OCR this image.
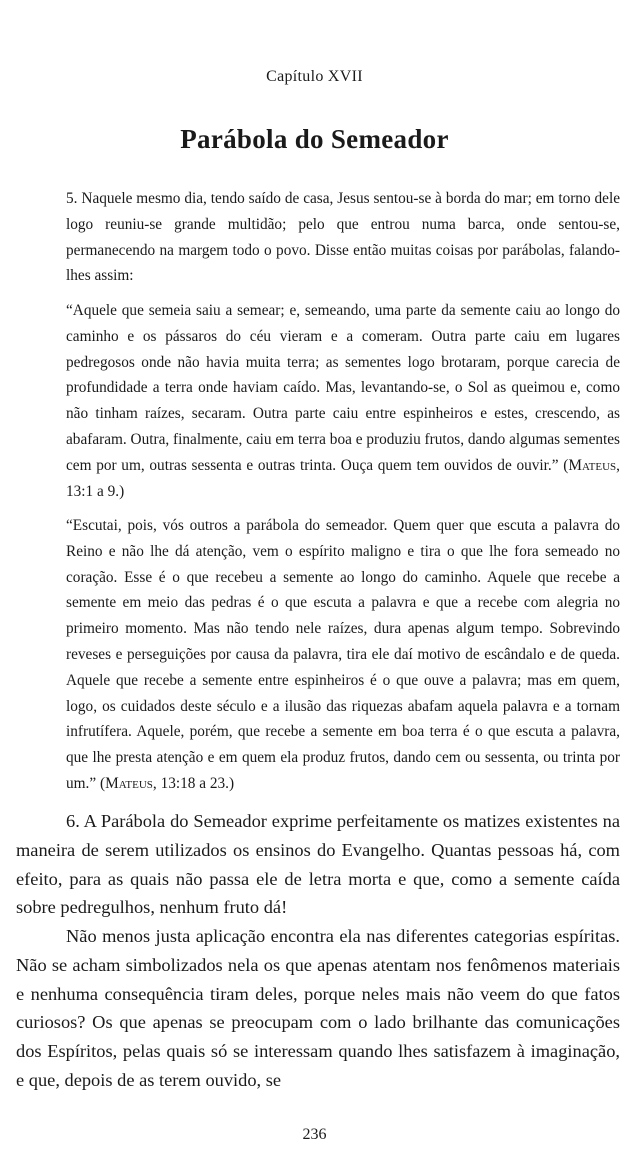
Capítulo XVII
Parábola do Semeador

5. Naquele mesmo dia, tendo saído de casa, Jesus sentou-se à borda do mar; em torno dele logo reuniu-se grande multidão; pelo que entrou numa barca, onde sentou-se, permanecendo na margem todo o povo. Disse então muitas coisas por parábolas, falando-lhes assim:

“Aquele que semeia saiu a semear; e, semeando, uma parte da semente caiu ao longo do caminho e os pássaros do céu vieram e a comeram. Outra parte caiu em lugares pedregosos onde não havia muita terra; as sementes logo brotaram, porque carecia de profundidade a terra onde haviam caído. Mas, levantando-se, o Sol as queimou e, como não tinham raízes, secaram. Outra parte caiu entre espinheiros e estes, crescendo, as abafaram. Outra, finalmente, caiu em terra boa e produziu frutos, dando algumas sementes cem por um, outras sessenta e outras trinta. Ouça quem tem ouvidos de ouvir.” (Mateus, 13:1 a 9.)

“Escutai, pois, vós outros a parábola do semeador. Quem quer que escuta a palavra do Reino e não lhe dá atenção, vem o espírito maligno e tira o que lhe fora semeado no coração. Esse é o que recebeu a semente ao longo do caminho. Aquele que recebe a semente em meio das pedras é o que escuta a palavra e que a recebe com alegria no primeiro momento. Mas não tendo nele raízes, dura apenas algum tempo. Sobrevindo reveses e perseguições por causa da palavra, tira ele daí motivo de escândalo e de queda. Aquele que recebe a semente entre espinheiros é o que ouve a palavra; mas em quem, logo, os cuidados deste século e a ilusão das riquezas abafam aquela palavra e a tornam infrutífera. Aquele, porém, que recebe a semente em boa terra é o que escuta a palavra, que lhe presta atenção e em quem ela produz frutos, dando cem ou sessenta, ou trinta por um.” (Mateus, 13:18 a 23.)

6. A Parábola do Semeador exprime perfeitamente os matizes existentes na maneira de serem utilizados os ensinos do Evangelho. Quantas pessoas há, com efeito, para as quais não passa ele de letra morta e que, como a semente caída sobre pedregulhos, nenhum fruto dá!

Não menos justa aplicação encontra ela nas diferentes categorias espíritas. Não se acham simbolizados nela os que apenas atentam nos fenômenos materiais e nenhuma consequência tiram deles, porque neles mais não veem do que fatos curiosos? Os que apenas se preocupam com o lado brilhante das comunicações dos Espíritos, pelas quais só se interessam quando lhes satisfazem à imaginação, e que, depois de as terem ouvido, se

236
